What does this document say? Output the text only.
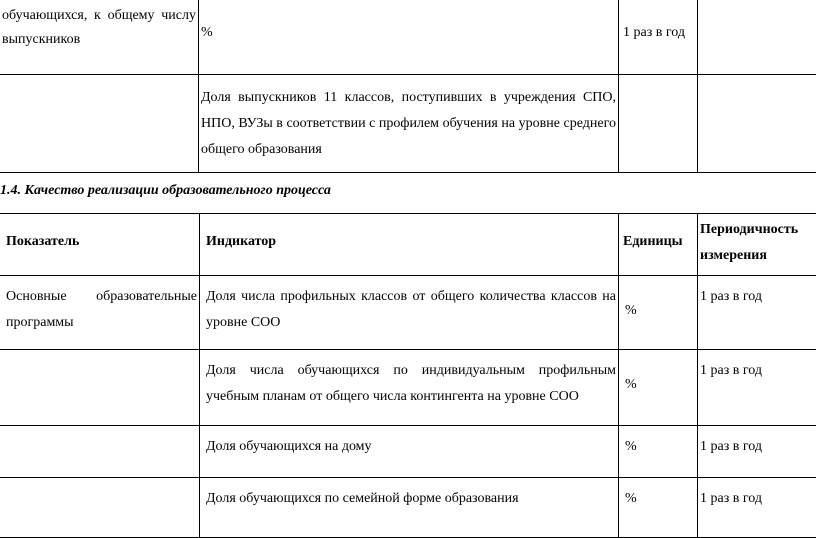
обучающихся, к общему числу выпускников	%	1 раз в год	

	Доля выпускников 11 классов, поступивших в учреждения СПО, НПО, ВУЗы в соответствии с профилем обучения на уровне среднего общего образования		

1.4. Качество реализации образовательного процесса
Показатель	Индикатор	Единицы	Периодичность измерения

Основные образовательные программы	Доля числа профильных классов от общего количества классов на уровне СОО	%	1 раз в год

	Доля числа обучающихся по индивидуальным профильным учебным планам от общего числа контингента на уровне СОО	%	1 раз в год

	Доля обучающихся на дому	%	1 раз в год

	Доля обучающихся по семейной форме образования	%	1 раз в год
